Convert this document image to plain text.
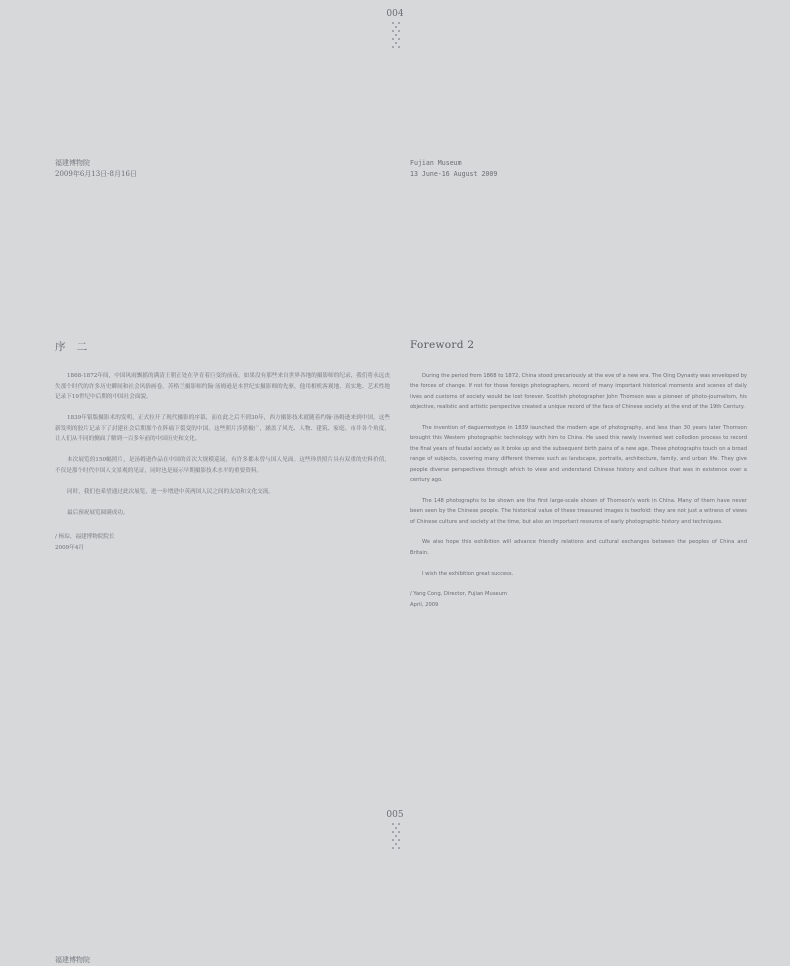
004
福建博物院
2009年6月13日-8月16日
Fujian Museum
13 June-16 August 2009
序　二	Foreword 2

1868-1872年间，中国风雨飘摇的满清王朝正处在孕育着巨变的前夜。如果没有那些来自世界各地的摄影师的纪录，我们将永远丧失那个时代的许多历史瞬间和社会风俗画卷。苏格兰摄影师约翰·汤姆逊是本世纪实摄影师的先驱，他用相机客观地、真实地、艺术性地记录下19世纪中后期的中国社会面貌。

1839年银版摄影术的发明，正式拉开了现代摄影的序幕，而在此之后不到30年，西方摄影技术就随着约翰·汤姆逊来到中国，这些新发明的胶片记录下了封建社会后期那个在阵痛下裂变的中国。这些照片涉猎极广，涵盖了风光、人物、建筑、家庭、市井各个角度，让人们从不同的侧面了解到一百多年前的中国历史和文化。

本次展览的150幅照片，是汤姆逊作品在中国的首次大规模巡展，有许多都未曾与国人见面。这些珍贵照片具有双重的史料价值，不仅是那个时代中国人文景观的见证，同时也是展示早期摄影技术水平的重要资料。

同时，我们也希望通过此次展览，进一步增进中英两国人民之间的友谊和文化交流。

最后预祝展览圆满成功。

/ 杨琮，福建博物院院长

2009年4月

During the period from 1868 to 1872, China stood precariously at the eve of a new era. The Qing Dynasty was enveloped by the forces of change. If not for those foreign photographers, record of many important historical moments and scenes of daily lives and customs of society would be lost forever. Scottish photographer John Thomson was a pioneer of photo-journalism, his objective, realistic and artistic perspective created a unique record of the face of Chinese society at the end of the 19th Century.

The invention of daguerreotype in 1839 launched the modern age of photography, and less than 30 years later Thomson brought this Western photographic technology with him to China. He used this newly invented wet collodion process to record the final years of feudal society as it broke up and the subsequent birth pains of a new age. These photographs touch on a broad range of subjects, covering many different themes such as landscape, portraits, architecture, family, and urban life. They give people diverse perspectives through which to view and understand Chinese history and culture that was in existence over a century ago.

The 148 photographs to be shown are the first large-scale shown of Thomson's work in China. Many of them have never been seen by the Chinese people. The historical value of these treasured images is twofold: they are not just a witness of views of Chinese culture and society at the time, but also an important resource of early photographic history and techniques.

We also hope this exhibition will advance friendly relations and cultural exchanges between the peoples of China and Britain.

I wish the exhibition great success.

/ Yang Cong, Director, Fujian Museum

April, 2009

005
福建博物院
